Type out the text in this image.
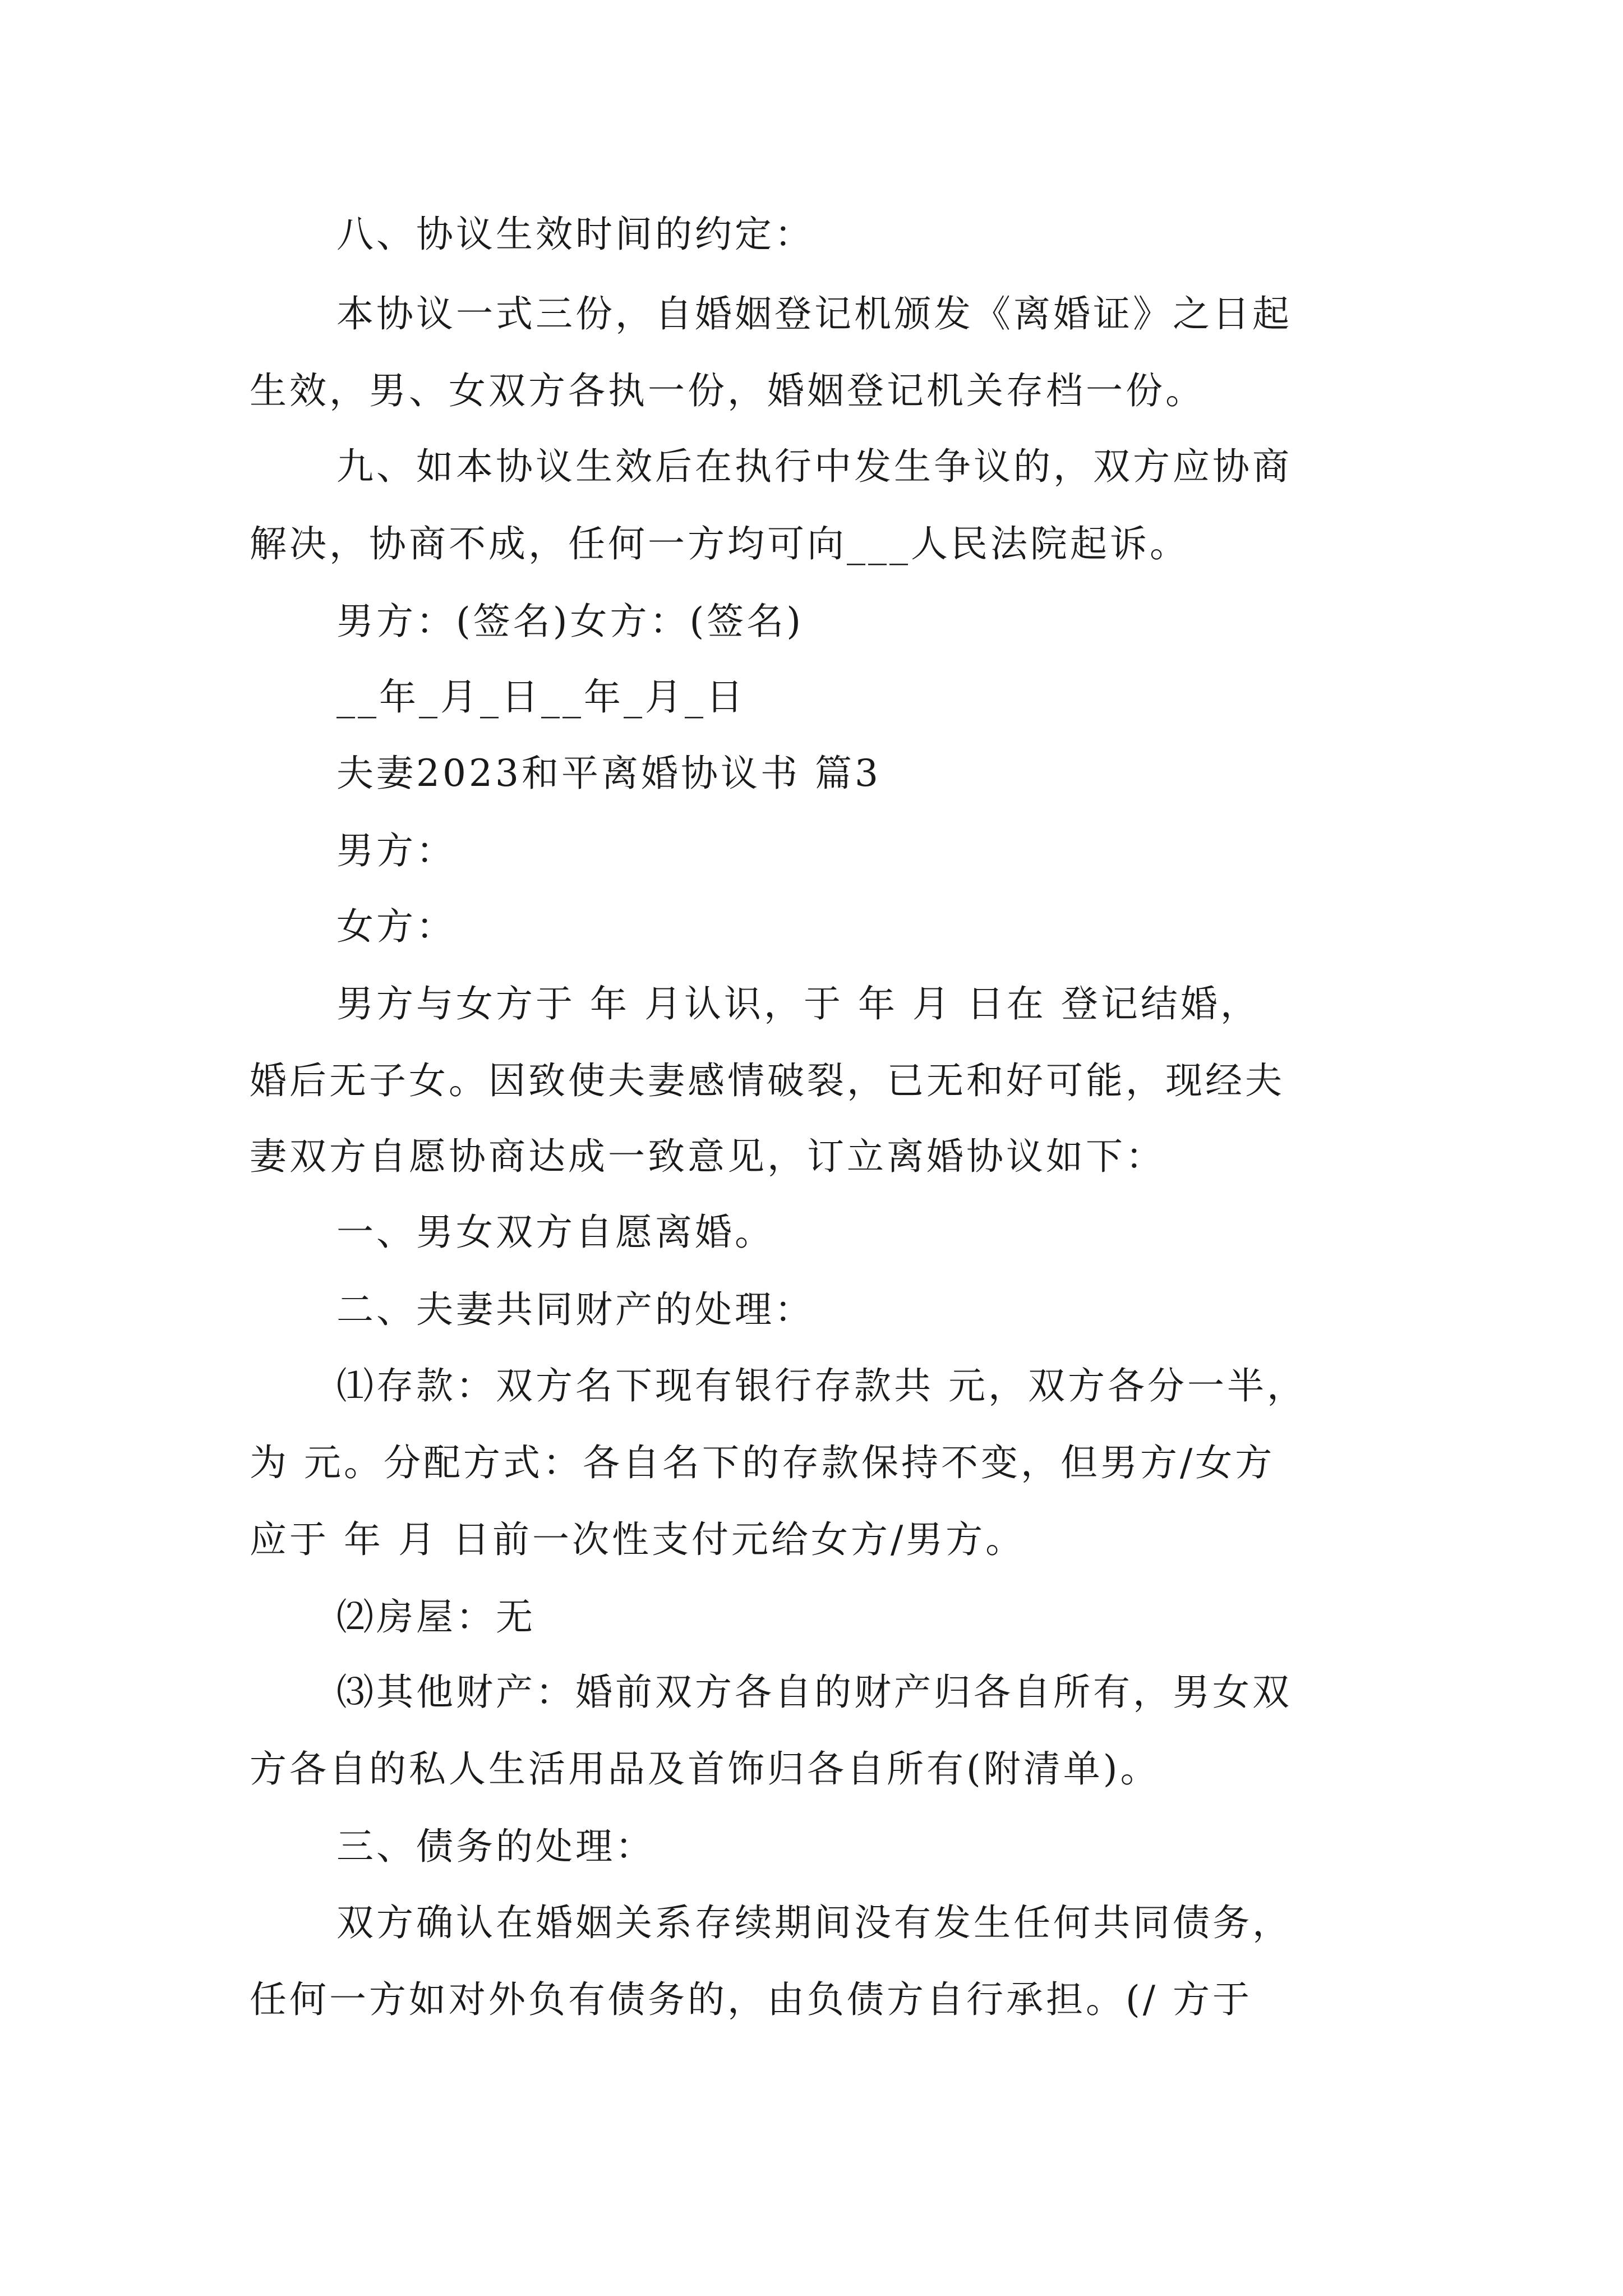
八、协议生效时间的约定：
本协议一式三份，自婚姻登记机颁发《离婚证》之日起
生效，男、女双方各执一份，婚姻登记机关存档一份。
九、如本协议生效后在执行中发生争议的，双方应协商
解决，协商不成，任何一方均可向___人民法院起诉。
男方：(签名)女方：(签名)
__年_月_日__年_月_日
夫妻2023和平离婚协议书 篇3
男方：
女方：
男方与女方于 年 月认识，于 年 月 日在 登记结婚，
婚后无子女。因致使夫妻感情破裂，已无和好可能，现经夫
妻双方自愿协商达成一致意见，订立离婚协议如下：
一、男女双方自愿离婚。
二、夫妻共同财产的处理：
⑴存款：双方名下现有银行存款共 元，双方各分一半，
为 元。分配方式：各自名下的存款保持不变，但男方/女方
应于 年 月 日前一次性支付元给女方/男方。
⑵房屋：无
⑶其他财产：婚前双方各自的财产归各自所有，男女双
方各自的私人生活用品及首饰归各自所有(附清单)。
三、债务的处理：
双方确认在婚姻关系存续期间没有发生任何共同债务，
任何一方如对外负有债务的，由负债方自行承担。(/ 方于
